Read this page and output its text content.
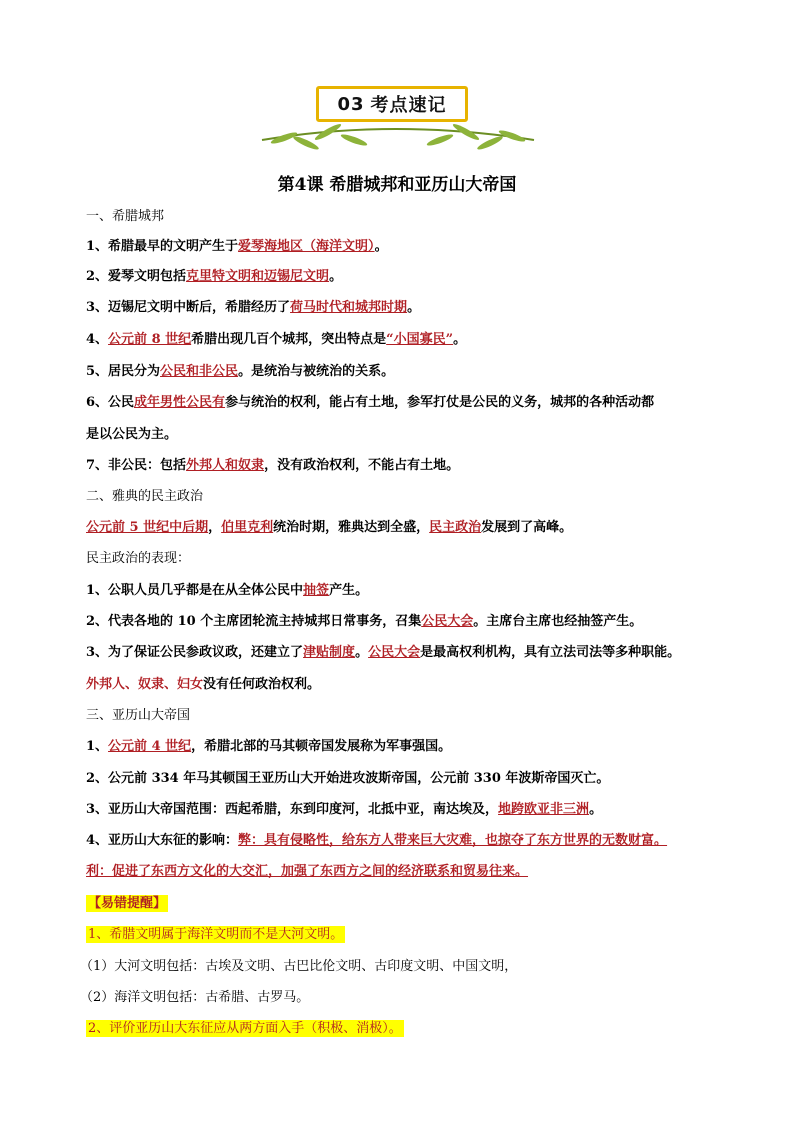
03 考点速记
第4课 希腊城邦和亚历山大帝国
一、希腊城邦
1、希腊最早的文明产生于爱琴海地区（海洋文明）。
2、爱琴文明包括克里特文明和迈锡尼文明。
3、迈锡尼文明中断后，希腊经历了荷马时代和城邦时期。
4、公元前 8 世纪希腊出现几百个城邦，突出特点是“小国寡民”。
5、居民分为公民和非公民。是统治与被统治的关系。
6、公民成年男性公民有参与统治的权利，能占有土地，参军打仗是公民的义务，城邦的各种活动都
是以公民为主。
7、非公民：包括外邦人和奴隶，没有政治权利，不能占有土地。
二、雅典的民主政治
公元前 5 世纪中后期，伯里克利统治时期，雅典达到全盛，民主政治发展到了高峰。
民主政治的表现：
1、公职人员几乎都是在从全体公民中抽签产生。
2、代表各地的 10 个主席团轮流主持城邦日常事务，召集公民大会。主席台主席也经抽签产生。
3、为了保证公民参政议政，还建立了津贴制度。公民大会是最高权利机构，具有立法司法等多种职能。
外邦人、奴隶、妇女没有任何政治权利。
三、亚历山大帝国
1、公元前 4 世纪，希腊北部的马其顿帝国发展称为军事强国。
2、公元前 334 年马其顿国王亚历山大开始进攻波斯帝国，公元前 330 年波斯帝国灭亡。
3、亚历山大帝国范围：西起希腊，东到印度河，北抵中亚，南达埃及，地跨欧亚非三洲。
4、亚历山大东征的影响：弊：具有侵略性，给东方人带来巨大灾难，也掠夺了东方世界的无数财富。
利：促进了东西方文化的大交汇，加强了东西方之间的经济联系和贸易往来。
【易错提醒】
1、希腊文明属于海洋文明而不是大河文明。
（1）大河文明包括：古埃及文明、古巴比伦文明、古印度文明、中国文明，
（2）海洋文明包括：古希腊、古罗马。
2、评价亚历山大东征应从两方面入手（积极、消极）。
